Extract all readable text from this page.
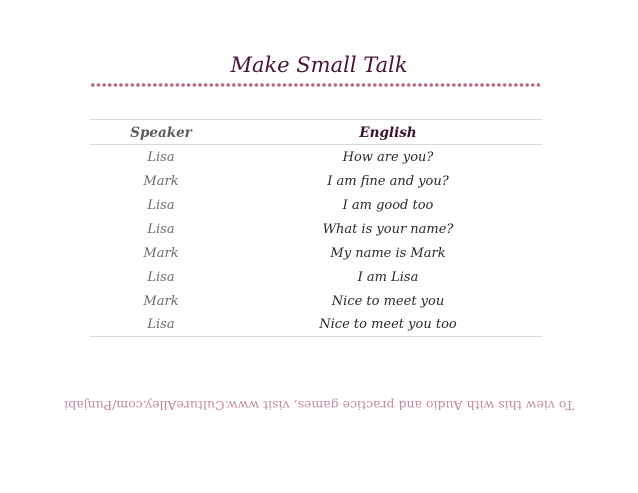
Make Small Talk
Speaker	English
Lisa	How are you?
Mark	I am fine and you?
Lisa	I am good too
Lisa	What is your name?
Mark	My name is Mark
Lisa	I am Lisa
Mark	Nice to meet you
Lisa	Nice to meet you too
To view this with Audio and practice games, visit www.CultureAlley.com/Punjabi
